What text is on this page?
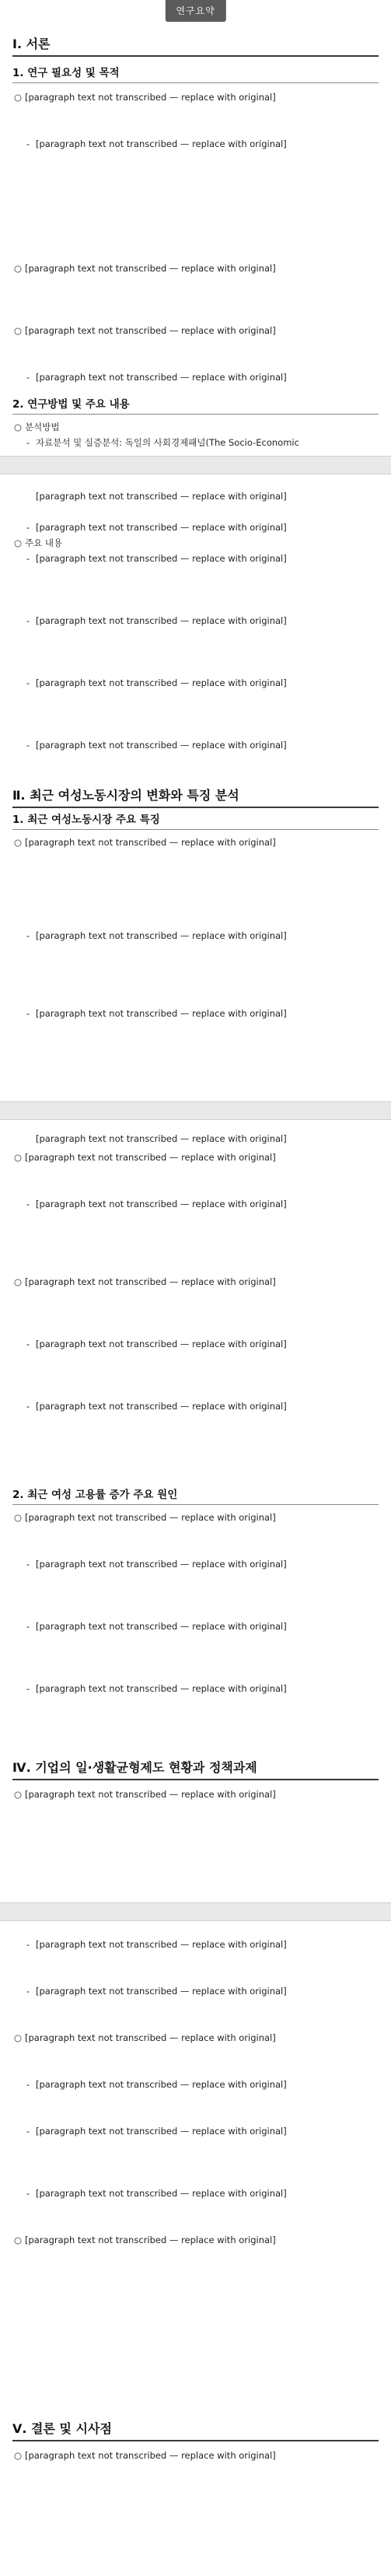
연구요약
Ⅰ. 서론
1. 연구 필요성 및 목적

○ [paragraph text not transcribed — replace with original]

- [paragraph text not transcribed — replace with original]

○ [paragraph text not transcribed — replace with original]

○ [paragraph text not transcribed — replace with original]

- [paragraph text not transcribed — replace with original]

2. 연구방법 및 주요 내용

○ 분석방법

- 자료분석 및 실증분석: 독일의 사회경제패널(The Socio-Economic

[paragraph text not transcribed — replace with original]

- [paragraph text not transcribed — replace with original]

○ 주요 내용

- [paragraph text not transcribed — replace with original]

- [paragraph text not transcribed — replace with original]

- [paragraph text not transcribed — replace with original]

- [paragraph text not transcribed — replace with original]

Ⅱ. 최근 여성노동시장의 변화와 특징 분석
1. 최근 여성노동시장 주요 특징

○ [paragraph text not transcribed — replace with original]

- [paragraph text not transcribed — replace with original]

- [paragraph text not transcribed — replace with original]

[paragraph text not transcribed — replace with original]

○ [paragraph text not transcribed — replace with original]

- [paragraph text not transcribed — replace with original]

○ [paragraph text not transcribed — replace with original]

- [paragraph text not transcribed — replace with original]

- [paragraph text not transcribed — replace with original]

2. 최근 여성 고용률 증가 주요 원인

○ [paragraph text not transcribed — replace with original]

- [paragraph text not transcribed — replace with original]

- [paragraph text not transcribed — replace with original]

- [paragraph text not transcribed — replace with original]

Ⅳ. 기업의 일·생활균형제도 현황과 정책과제

○ [paragraph text not transcribed — replace with original]

- [paragraph text not transcribed — replace with original]

- [paragraph text not transcribed — replace with original]

○ [paragraph text not transcribed — replace with original]

- [paragraph text not transcribed — replace with original]

- [paragraph text not transcribed — replace with original]

- [paragraph text not transcribed — replace with original]

○ [paragraph text not transcribed — replace with original]

Ⅴ. 결론 및 시사점

○ [paragraph text not transcribed — replace with original]
